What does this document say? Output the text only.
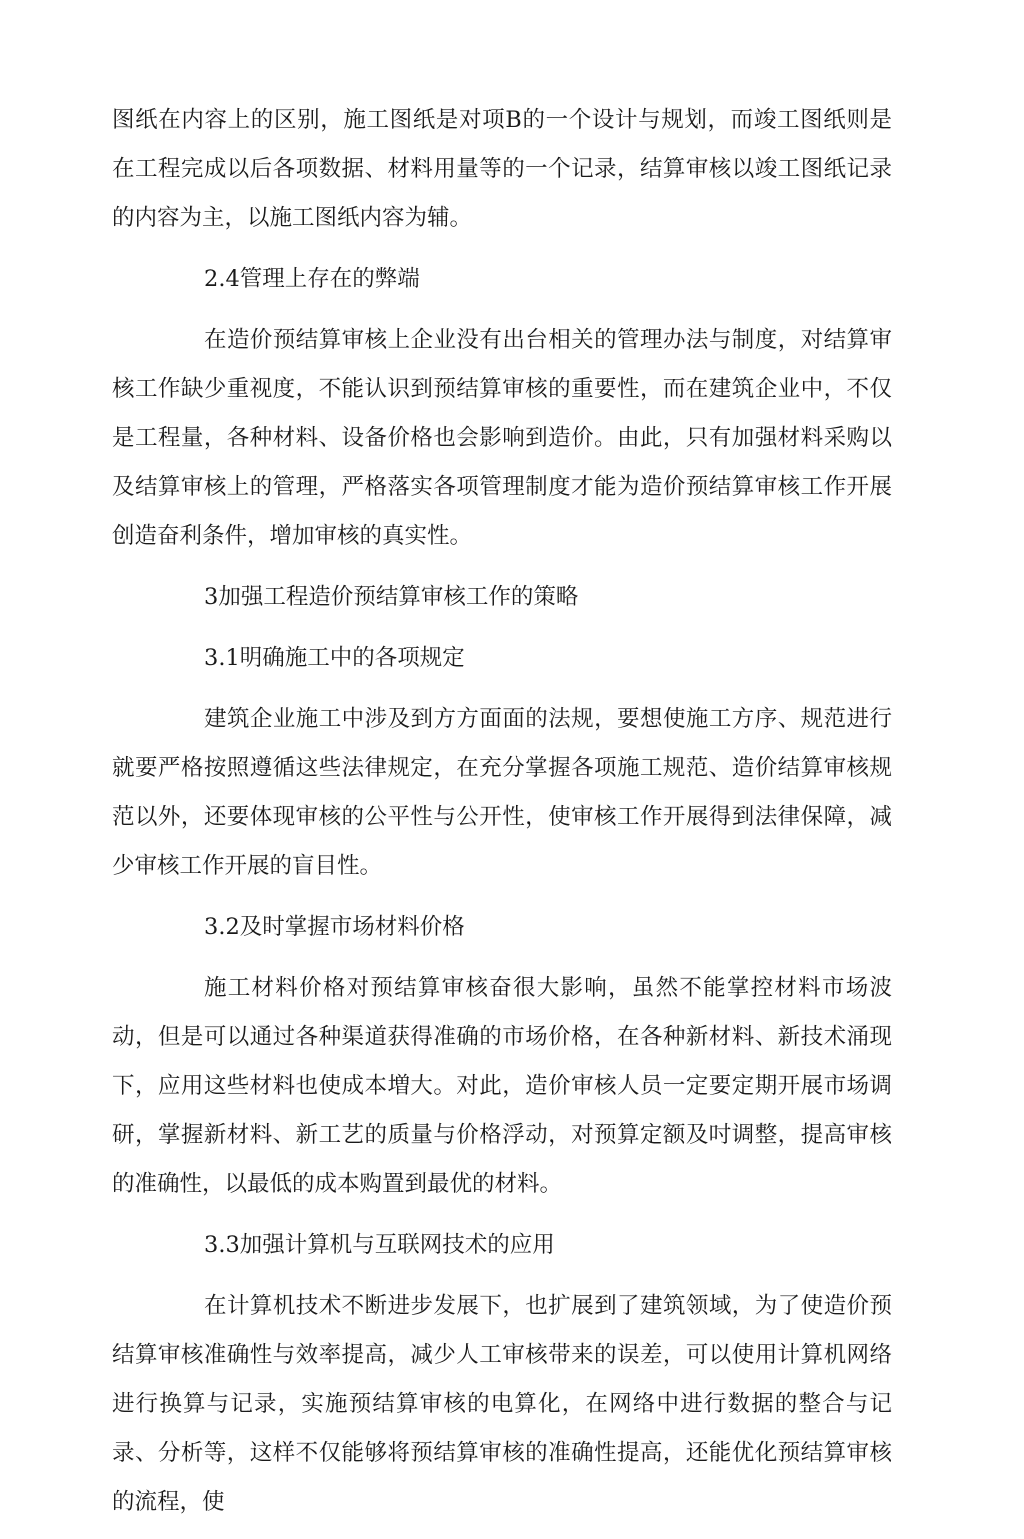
图纸在内容上的区别，施工图纸是对项B的一个设计与规划，而竣工图纸则是在工程完成以后各项数据、材料用量等的一个记录，结算审核以竣工图纸记录的内容为主，以施工图纸内容为辅。

2.4管理上存在的弊端

在造价预结算审核上企业没有出台相关的管理办法与制度，对结算审核工作缺少重视度，不能认识到预结算审核的重要性，而在建筑企业中，不仅是工程量，各种材料、设备价格也会影响到造价。由此，只有加强材料采购以及结算审核上的管理，严格落实各项管理制度才能为造价预结算审核工作开展创造奋利条件，增加审核的真实性。

3加强工程造价预结算审核工作的策略

3.1明确施工中的各项规定

建筑企业施工中涉及到方方面面的法规，要想使施工方序、规范进行就要严格按照遵循这些法律规定，在充分掌握各项施工规范、造价结算审核规范以外，还要体现审核的公平性与公开性，使审核工作开展得到法律保障，减少审核工作开展的盲目性。

3.2及时掌握市场材料价格

施工材料价格对预结算审核奋很大影响，虽然不能掌控材料市场波动，但是可以通过各种渠道获得准确的市场价格，在各种新材料、新技术涌现下，应用这些材料也使成本増大。对此，造价审核人员一定要定期开展市场调研，掌握新材料、新工艺的质量与价格浮动，对预算定额及吋调整，提高审核的准确性，以最低的成本购置到最优的材料。

3.3加强计算机与互联网技术的应用

在计算机技术不断进步发展下，也扩展到了建筑领域，为了使造价预结算审核准确性与效率提高，减少人工审核带来的误差，可以使用计算机网络进行换算与记录，实施预结算审核的电算化，在网络中进行数据的整合与记录、分析等，这样不仅能够将预结算审核的准确性提高，还能优化预结算审核的流程，使
